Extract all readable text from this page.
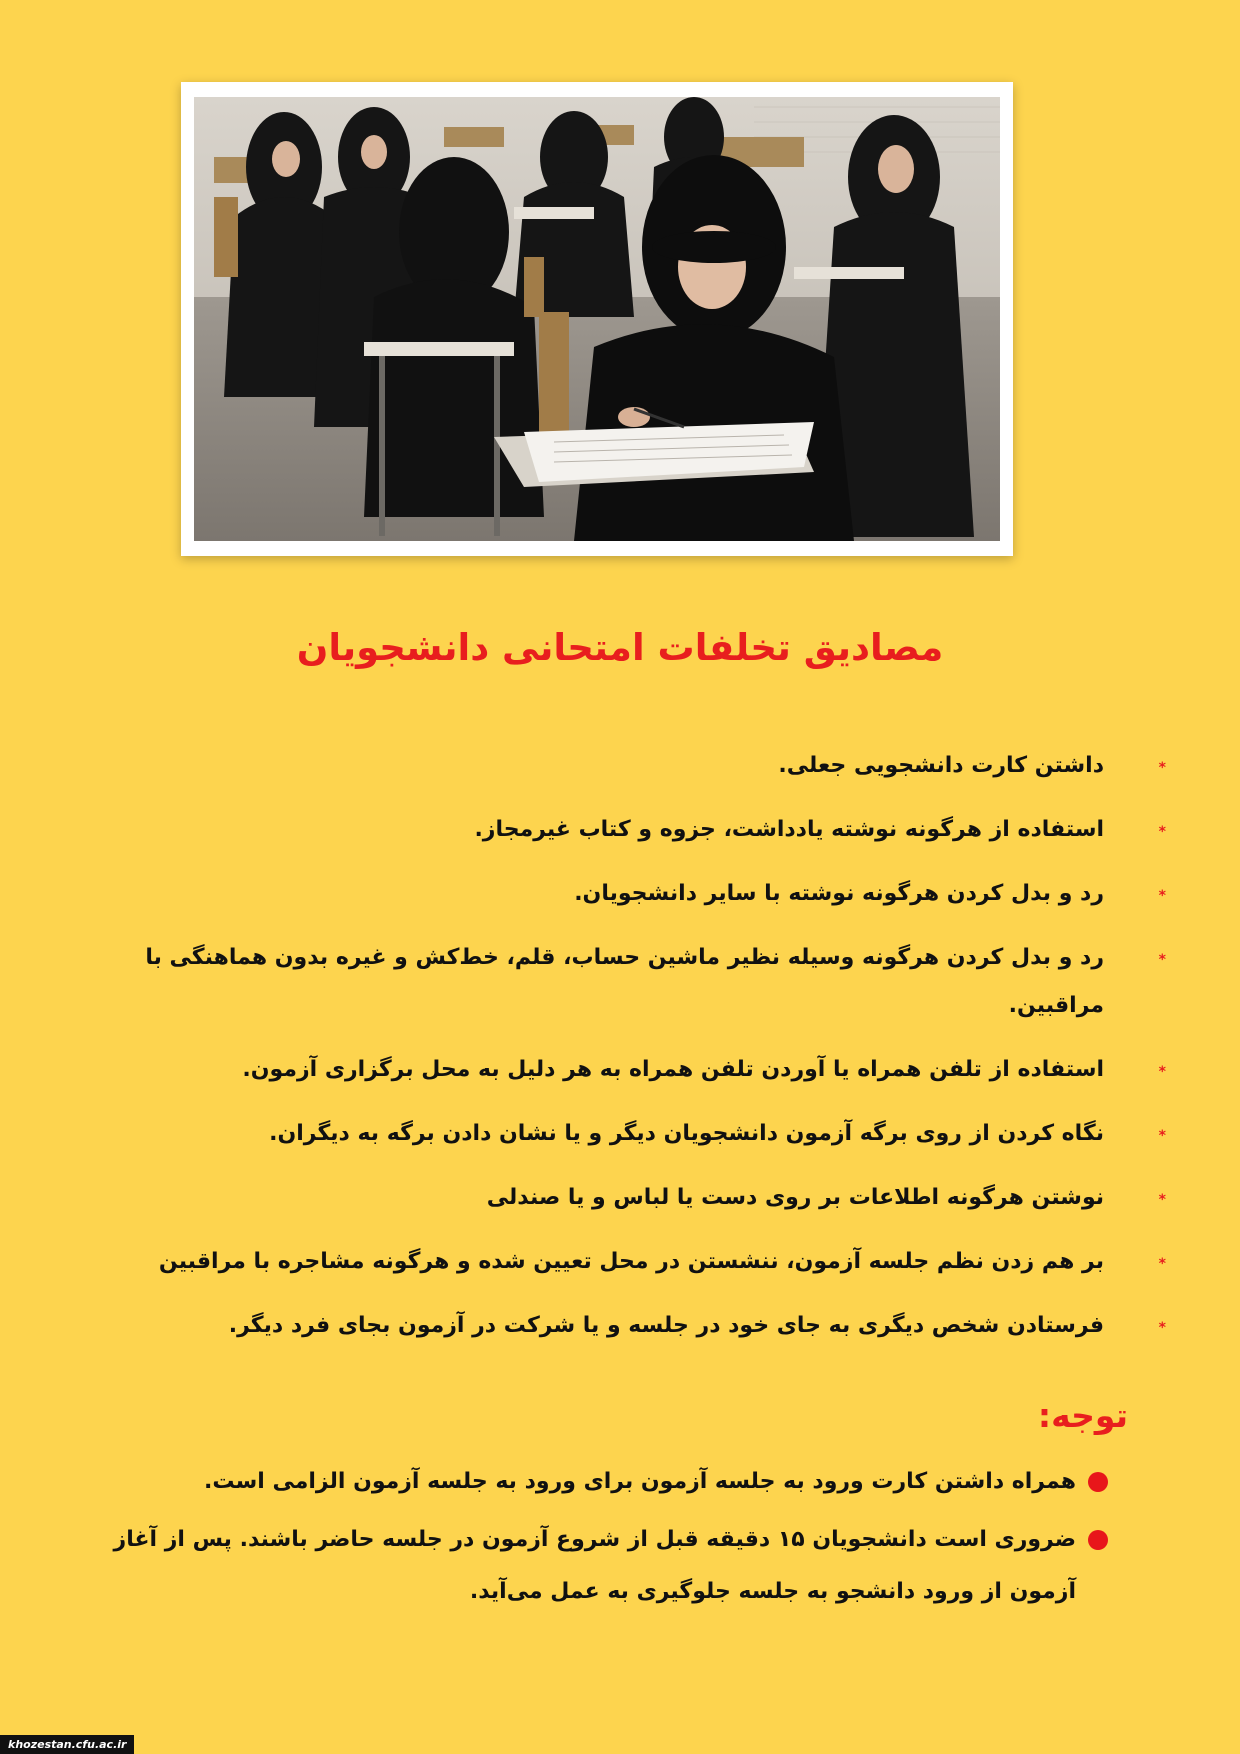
مصادیق تخلفات امتحانی دانشجویان
*
داشتن کارت دانشجویی جعلی.
*
استفاده از هرگونه نوشته یادداشت، جزوه و کتاب غیرمجاز.
*
رد و بدل کردن هرگونه نوشته با سایر دانشجویان.
*
رد و بدل کردن هرگونه وسیله نظیر ماشین حساب، قلم، خط‌کش و غیره بدون هماهنگی با مراقبین.
*
استفاده از تلفن همراه یا آوردن تلفن همراه به هر دلیل به محل برگزاری آزمون.
*
نگاه کردن از روی برگه آزمون دانشجویان دیگر و یا نشان دادن برگه به دیگران.
*
نوشتن هرگونه اطلاعات بر روی دست یا لباس و یا صندلی
*
بر هم زدن نظم جلسه آزمون، ننشستن در محل تعیین شده و هرگونه مشاجره با مراقبین
*
فرستادن شخص دیگری به جای خود در جلسه و یا شرکت در آزمون بجای فرد دیگر.
توجه:
همراه داشتن کارت ورود به جلسه آزمون برای ورود به جلسه آزمون الزامی است.
ضروری است دانشجویان ۱۵ دقیقه قبل از شروع آزمون در جلسه حاضر باشند. پس از آغاز آزمون از ورود دانشجو به جلسه جلوگیری به عمل می‌آید.
khozestan.cfu.ac.ir
